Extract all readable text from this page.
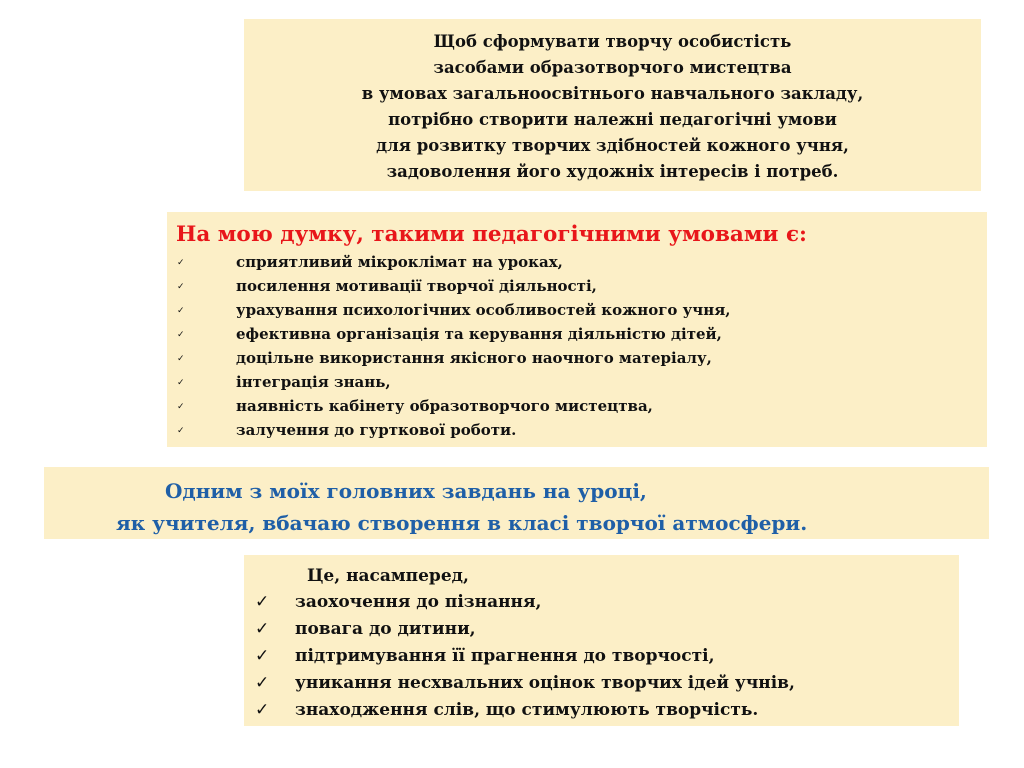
Щоб сформувати творчу особистість
засобами образотворчого мистецтва
в умовах загальноосвітнього навчального закладу,
потрібно створити належні педагогічні умови
для розвитку творчих здібностей кожного учня,
задоволення його художніх інтересів і потреб.
На мою думку, такими педагогічними умовами є:
✓	сприятливий мікроклімат на уроках,
✓	посилення мотивації творчої діяльності,
✓	урахування психологічних особливостей кожного учня,
✓	ефективна організація та керування діяльністю дітей,
✓	доцільне використання якісного наочного матеріалу,
✓	інтеграція знань,
✓	наявність кабінету образотворчого мистецтва,
✓	залучення до гурткової роботи.
Одним з моїх головних завдань на уроці,
як учителя, вбачаю створення в класі творчої атмосфери.
Це, насамперед,
✓ заохочення до пізнання,
✓ повага до дитини,
✓ підтримування її прагнення до творчості,
✓ уникання несхвальних оцінок творчих ідей учнів,
✓ знаходження слів, що стимулюють творчість.
